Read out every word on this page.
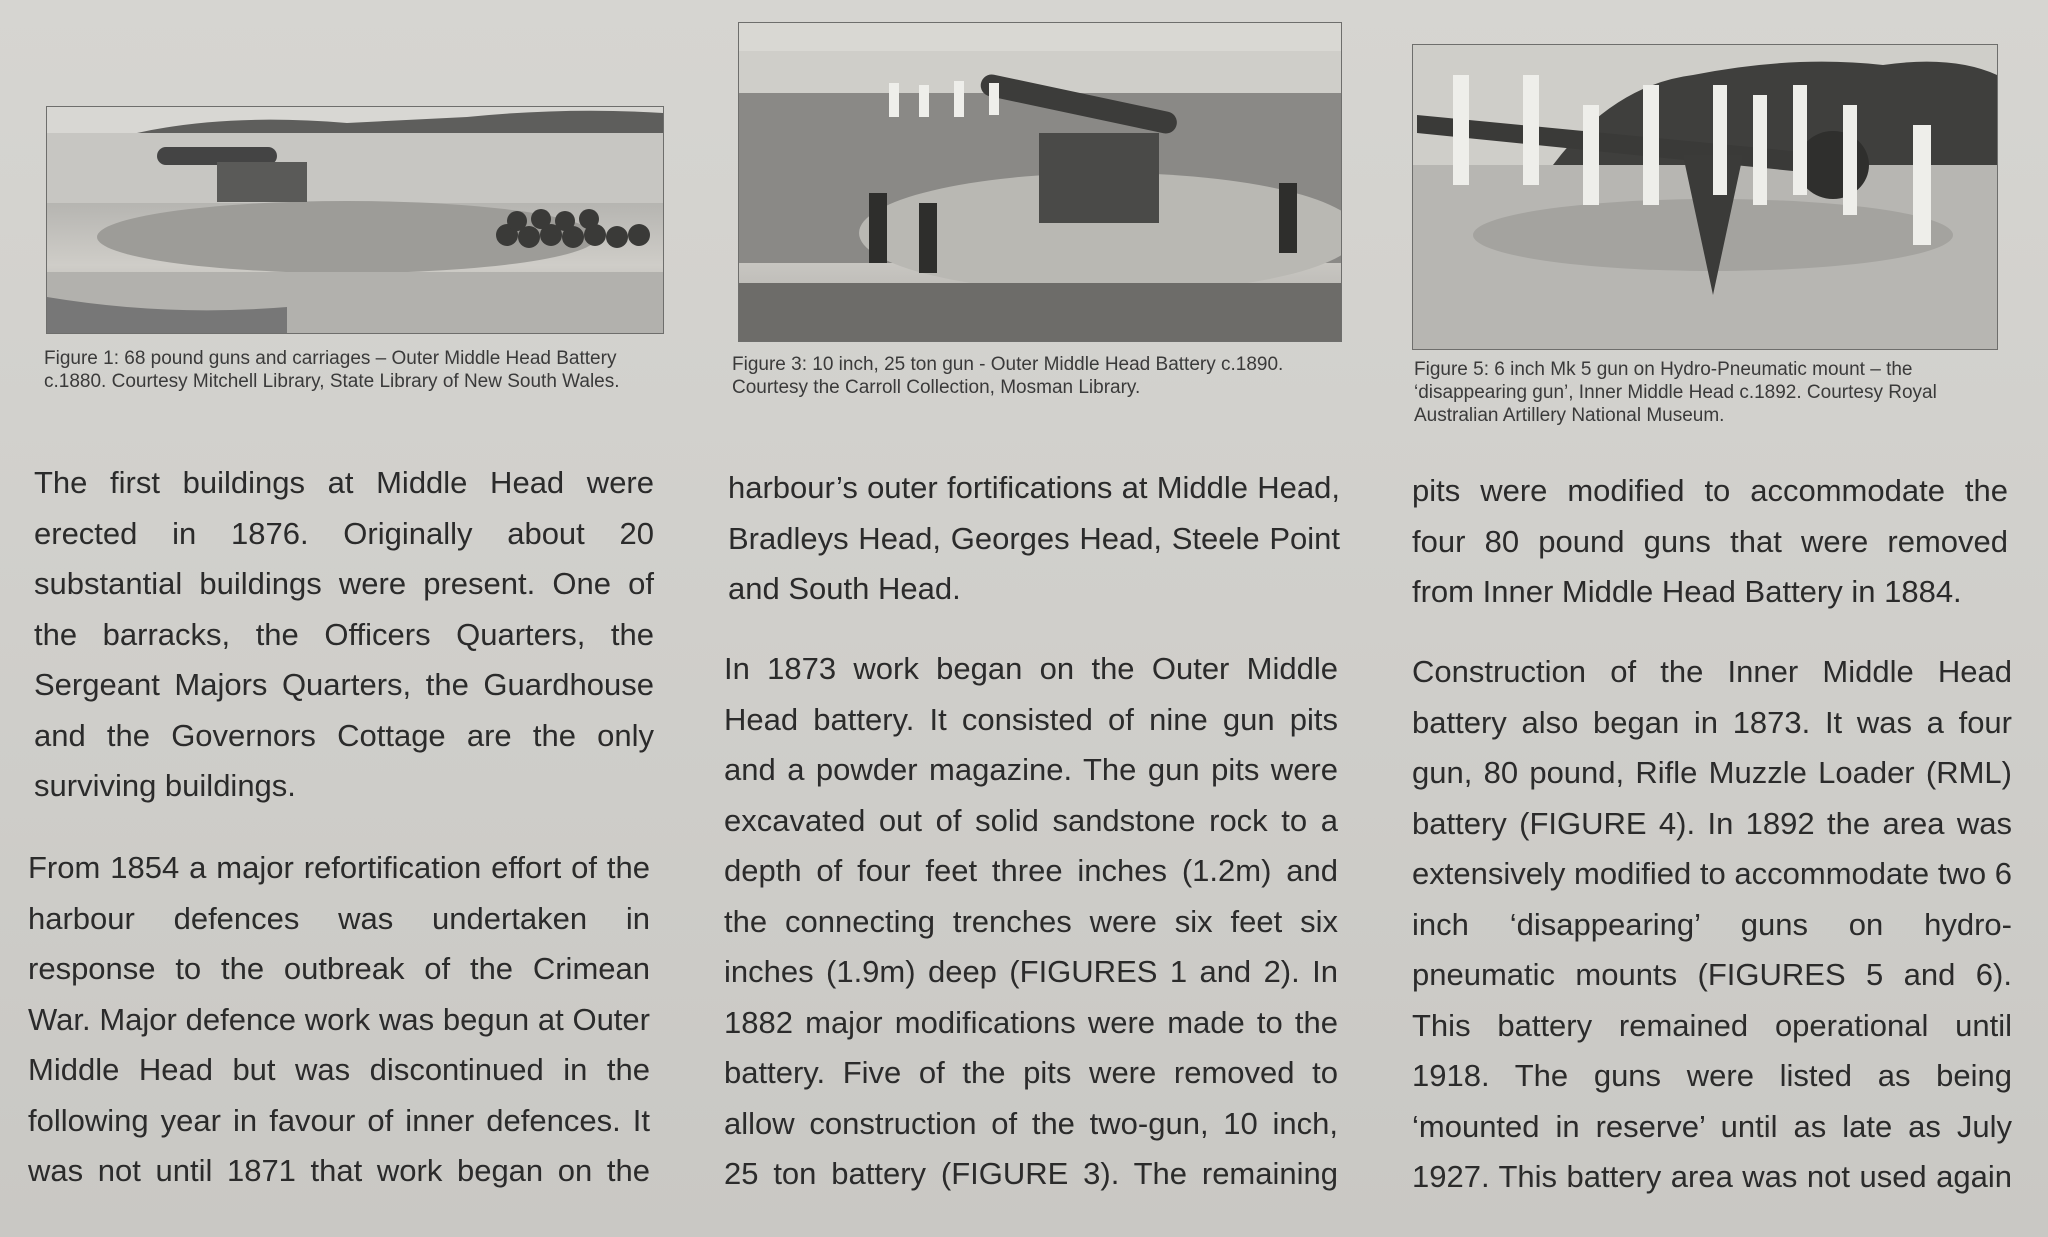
Figure 1: 68 pound guns and carriages – Outer Middle Head Battery c.1880. Courtesy Mitchell Library, State Library of New South Wales.

Figure 3: 10 inch, 25 ton gun - Outer Middle Head Battery c.1890. Courtesy the Carroll Collection, Mosman Library.

Figure 5: 6 inch Mk 5 gun on Hydro-Pneumatic mount – the ‘disappearing gun’, Inner Middle Head c.1892. Courtesy Royal Australian Artillery National Museum.

The first buildings at Middle Head were erected in 1876. Originally about 20 substantial buildings were present. One of the barracks, the Officers Quarters, the Sergeant Majors Quarters, the Guardhouse and the Governors Cottage are the only surviving buildings.

From 1854 a major refortification effort of the harbour defences was undertaken in response to the outbreak of the Crimean War. Major defence work was begun at Outer Middle Head but was discontinued in the following year in favour of inner defences. It was not until 1871 that work began on the

harbour’s outer fortifications at Middle Head, Bradleys Head, Georges Head, Steele Point and South Head.

In 1873 work began on the Outer Middle Head battery. It consisted of nine gun pits and a powder magazine. The gun pits were excavated out of solid sandstone rock to a depth of four feet three inches (1.2m) and the connecting trenches were six feet six inches (1.9m) deep (FIGURES 1 and 2). In 1882 major modifications were made to the battery. Five of the pits were removed to allow construction of the two-gun, 10 inch, 25 ton battery (FIGURE 3). The remaining

pits were modified to accommodate the four 80 pound guns that were removed from Inner Middle Head Battery in 1884.

Construction of the Inner Middle Head battery also began in 1873. It was a four gun, 80 pound, Rifle Muzzle Loader (RML) battery (FIGURE 4). In 1892 the area was extensively modified to accommodate two 6 inch ‘disappearing’ guns on hydro-pneumatic mounts (FIGURES 5 and 6). This battery remained operational until 1918. The guns were listed as being ‘mounted in reserve’ until as late as July 1927. This battery area was not used again
